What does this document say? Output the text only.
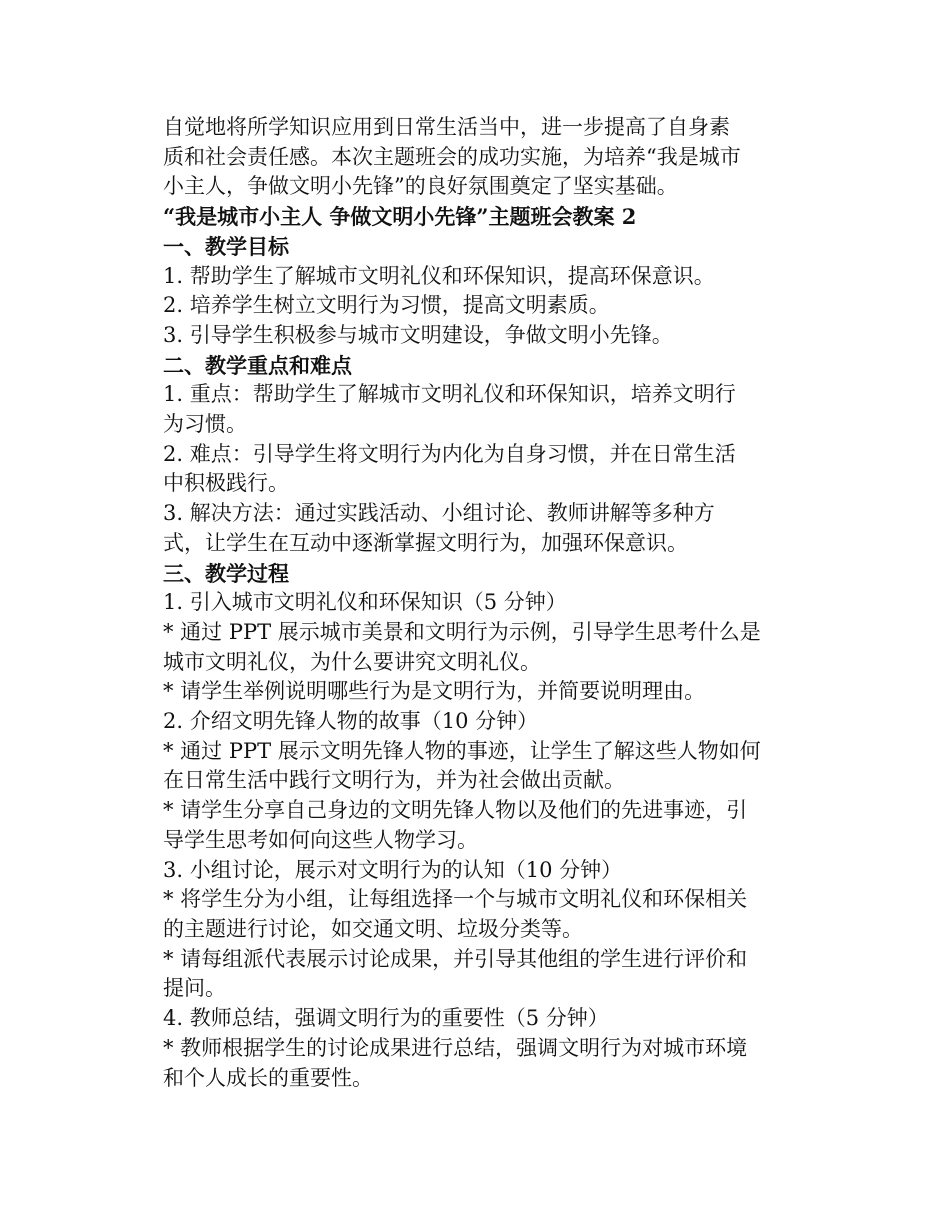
自觉地将所学知识应用到日常生活当中，进一步提高了自身素
质和社会责任感。本次主题班会的成功实施，为培养“我是城市
小主人，争做文明小先锋”的良好氛围奠定了坚实基础。
“我是城市小主人 争做文明小先锋”主题班会教案 2
一、教学目标
1. 帮助学生了解城市文明礼仪和环保知识，提高环保意识。
2. 培养学生树立文明行为习惯，提高文明素质。
3. 引导学生积极参与城市文明建设，争做文明小先锋。
二、教学重点和难点
1. 重点：帮助学生了解城市文明礼仪和环保知识，培养文明行
为习惯。
2. 难点：引导学生将文明行为内化为自身习惯，并在日常生活
中积极践行。
3. 解决方法：通过实践活动、小组讨论、教师讲解等多种方
式，让学生在互动中逐渐掌握文明行为，加强环保意识。
三、教学过程
1. 引入城市文明礼仪和环保知识（5 分钟）
* 通过 PPT 展示城市美景和文明行为示例，引导学生思考什么是
城市文明礼仪，为什么要讲究文明礼仪。
* 请学生举例说明哪些行为是文明行为，并简要说明理由。
2. 介绍文明先锋人物的故事（10 分钟）
* 通过 PPT 展示文明先锋人物的事迹，让学生了解这些人物如何
在日常生活中践行文明行为，并为社会做出贡献。
* 请学生分享自己身边的文明先锋人物以及他们的先进事迹，引
导学生思考如何向这些人物学习。
3. 小组讨论，展示对文明行为的认知（10 分钟）
* 将学生分为小组，让每组选择一个与城市文明礼仪和环保相关
的主题进行讨论，如交通文明、垃圾分类等。
* 请每组派代表展示讨论成果，并引导其他组的学生进行评价和
提问。
4. 教师总结，强调文明行为的重要性（5 分钟）
* 教师根据学生的讨论成果进行总结，强调文明行为对城市环境
和个人成长的重要性。
